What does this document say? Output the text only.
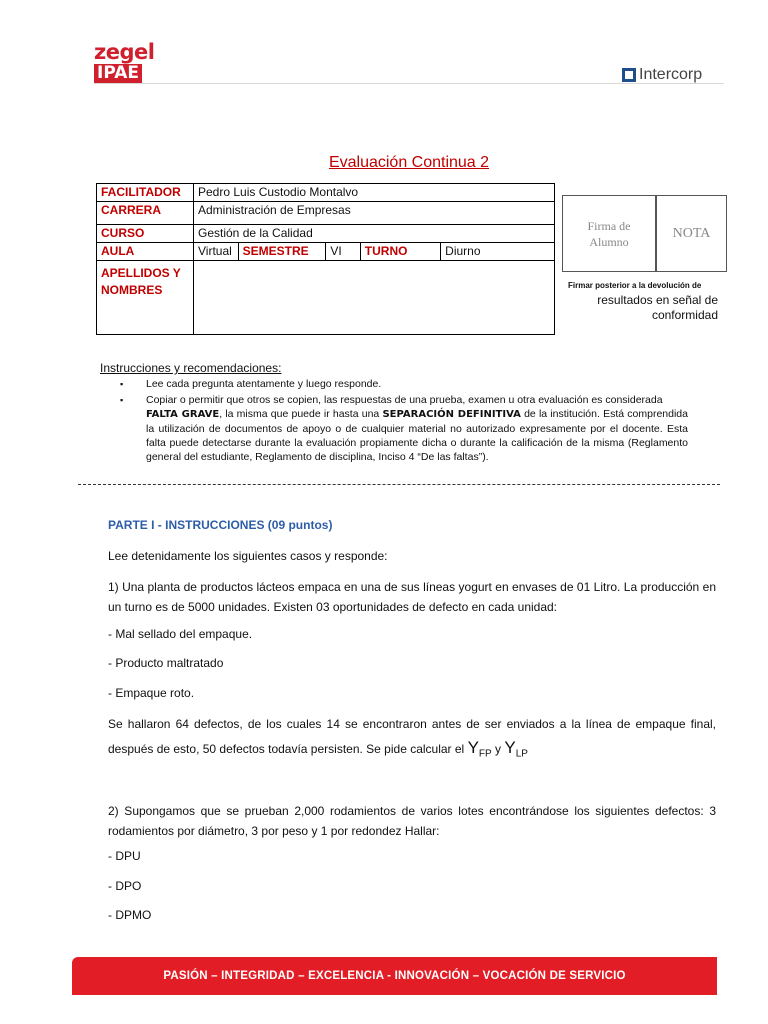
zegel
IPAE	Intercorp
Evaluación Continua 2
FACILITADOR	Pedro Luis Custodio Montalvo				
CARRERA	Administración de Empresas				
CURSO	Gestión de la Calidad				
AULA	Virtual	SEMESTRE	VI	TURNO	Diurno
APELLIDOS Y NOMBRES					
Firma de Alumno
NOTA
Firmar posterior a la devolución de
resultados en señal de conformidad
Instrucciones y recomendaciones:
▪ Lee cada pregunta atentamente y luego responde.
▪ Copiar o permitir que otros se copien, las respuestas de una prueba, examen u otra evaluación es considerada
FALTA GRAVE, la misma que puede ir hasta una SEPARACIÓN DEFINITIVA de la institución. Está comprendida la utilización de documentos de apoyo o de cualquier material no autorizado expresamente por el docente. Esta falta puede detectarse durante la evaluación propiamente dicha o durante la calificación de la misma (Reglamento general del estudiante, Reglamento de disciplina, Inciso 4 “De las faltas”).
PARTE I - INSTRUCCIONES (09 puntos)
Lee detenidamente los siguientes casos y responde:
1) Una planta de productos lácteos empaca en una de sus líneas yogurt en envases de 01 Litro. La producción en un turno es de 5000 unidades. Existen 03 oportunidades de defecto en cada unidad:
- Mal sellado del empaque.
- Producto maltratado
- Empaque roto.
Se hallaron 64 defectos, de los cuales 14 se encontraron antes de ser enviados a la línea de empaque final, después de esto, 50 defectos todavía persisten. Se pide calcular el $Y_{FP}$ y $Y_{LP}$
2) Supongamos que se prueban 2,000 rodamientos de varios lotes encontrándose los siguientes defectos: 3 rodamientos por diámetro, 3 por peso y 1 por redondez Hallar:
- DPU
- DPO
- DPMO
PASIÓN – INTEGRIDAD – EXCELENCIA - INNOVACIÓN – VOCACIÓN DE SERVICIO
